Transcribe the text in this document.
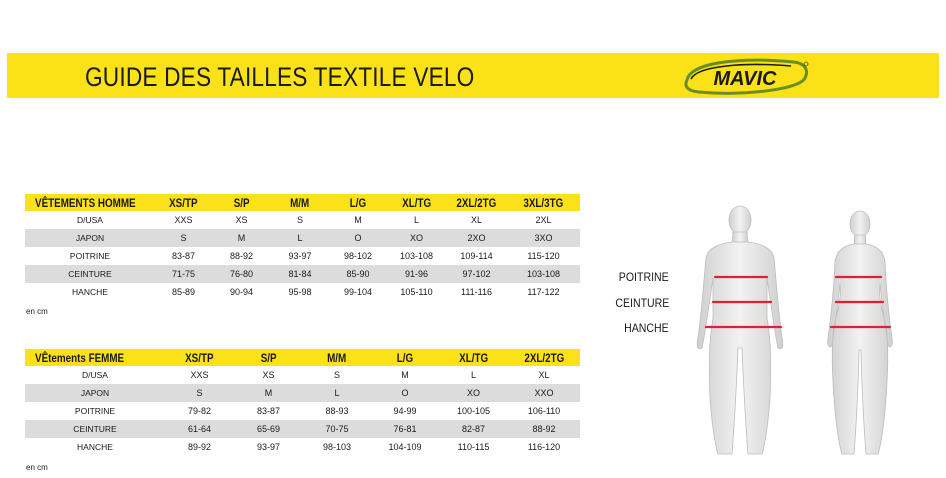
GUIDE DES TAILLES TEXTILE VELO	MAVIC
VÊTEMENTS HOMME	XS/TP	S/P	M/M	L/G	XL/TG	2XL/2TG	3XL/3TG
D/USA	XXS	XS	S	M	L	XL	2XL
JAPON	S	M	L	O	XO	2XO	3XO
POITRINE	83-87	88-92	93-97	98-102	103-108	109-114	115-120
CEINTURE	71-75	76-80	81-84	85-90	91-96	97-102	103-108
HANCHE	85-89	90-94	95-98	99-104	105-110	111-116	117-122
en cm
VÊtements FEMME	XS/TP	S/P	M/M	L/G	XL/TG	2XL/2TG
D/USA	XXS	XS	S	M	L	XL
JAPON	S	M	L	O	XO	XXO
POITRINE	79-82	83-87	88-93	94-99	100-105	106-110
CEINTURE	61-64	65-69	70-75	76-81	82-87	88-92
HANCHE	89-92	93-97	98-103	104-109	110-115	116-120
en cm
POITRINE
CEINTURE
HANCHE
